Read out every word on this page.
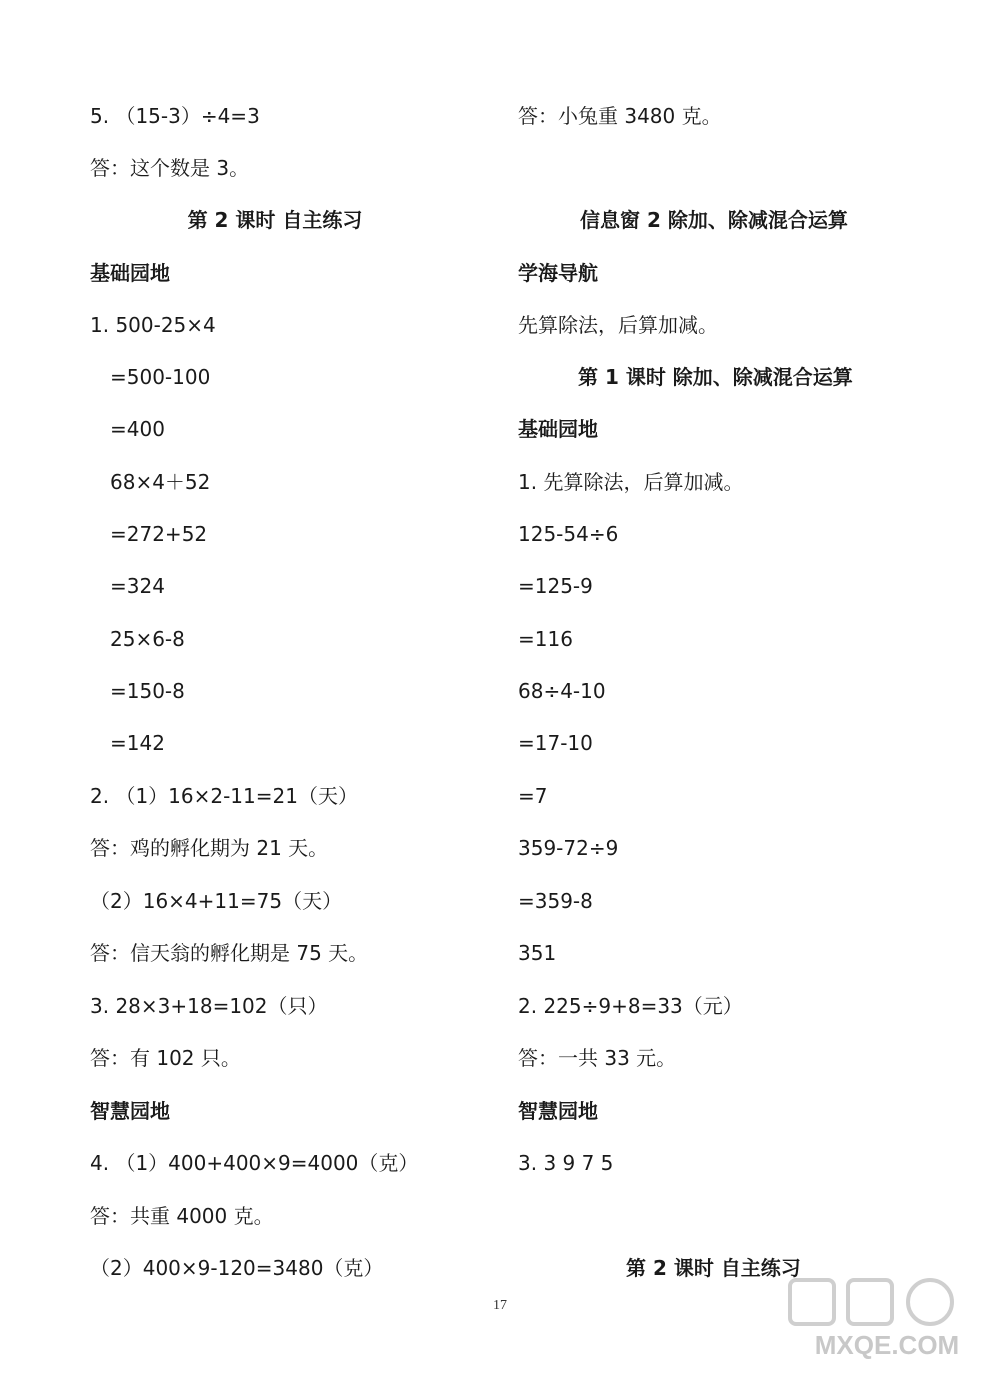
5. （15-3）÷4=3
答：这个数是 3。
第 2 课时 自主练习
基础园地
1. 500-25×4
=500-100
=400
68×4＋52
=272+52
=324
25×6-8
=150-8
=142
2. （1）16×2-11=21（天）
答：鸡的孵化期为 21 天。
（2）16×4+11=75（天）
答：信天翁的孵化期是 75 天。
3. 28×3+18=102（只）
答：有 102 只。
智慧园地
4. （1）400+400×9=4000（克）
答：共重 4000 克。
（2）400×9-120=3480（克）
答：小兔重 3480 克。
信息窗 2 除加、除减混合运算
学海导航
先算除法，后算加减。
第 1 课时 除加、除减混合运算
基础园地
1. 先算除法，后算加减。
125-54÷6
=125-9
=116
68÷4-10
=17-10
=7
359-72÷9
=359-8
351
2. 225÷9+8=33（元）
答：一共 33 元。
智慧园地
3. 3 9 7 5
第 2 课时 自主练习
17
MXQE.COM
